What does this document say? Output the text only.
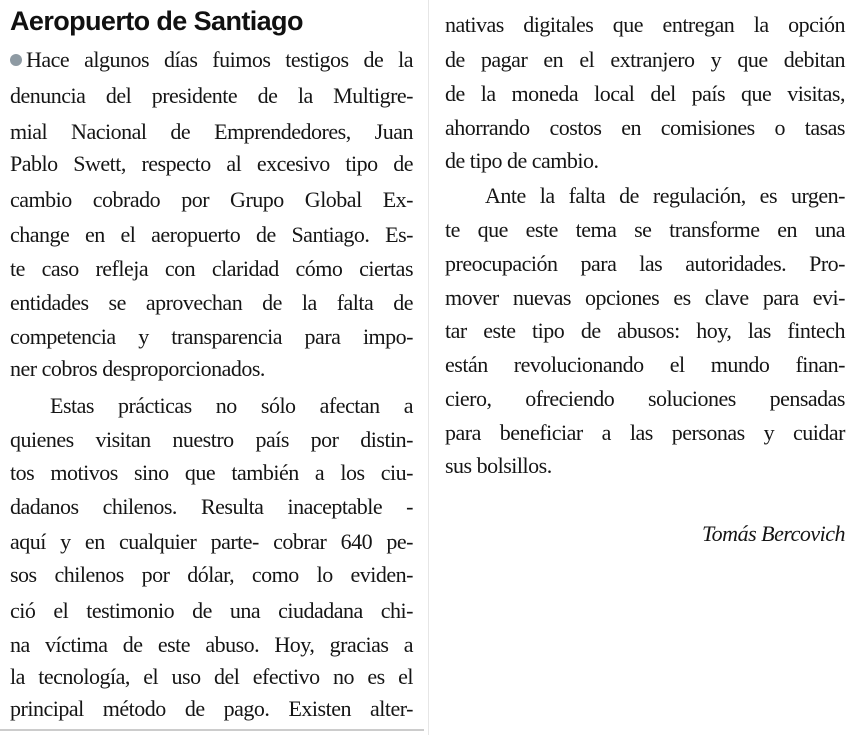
Aeropuerto de Santiago
Hace algunos días fuimos testigos de la
denuncia del presidente de la Multigre-
mial Nacional de Emprendedores, Juan
Pablo Swett, respecto al excesivo tipo de
cambio cobrado por Grupo Global Ex-
change en el aeropuerto de Santiago. Es-
te caso refleja con claridad cómo ciertas
entidades se aprovechan de la falta de
competencia y transparencia para impo-
ner cobros desproporcionados.
Estas prácticas no sólo afectan a
quienes visitan nuestro país por distin-
tos motivos sino que también a los ciu-
dadanos chilenos. Resulta inaceptable -
aquí y en cualquier parte- cobrar 640 pe-
sos chilenos por dólar, como lo eviden-
ció el testimonio de una ciudadana chi-
na víctima de este abuso. Hoy, gracias a
la tecnología, el uso del efectivo no es el
principal método de pago. Existen alter-
nativas digitales que entregan la opción
de pagar en el extranjero y que debitan
de la moneda local del país que visitas,
ahorrando costos en comisiones o tasas
de tipo de cambio.
Ante la falta de regulación, es urgen-
te que este tema se transforme en una
preocupación para las autoridades. Pro-
mover nuevas opciones es clave para evi-
tar este tipo de abusos: hoy, las fintech
están revolucionando el mundo finan-
ciero, ofreciendo soluciones pensadas
para beneficiar a las personas y cuidar
sus bolsillos.
Tomás Bercovich
